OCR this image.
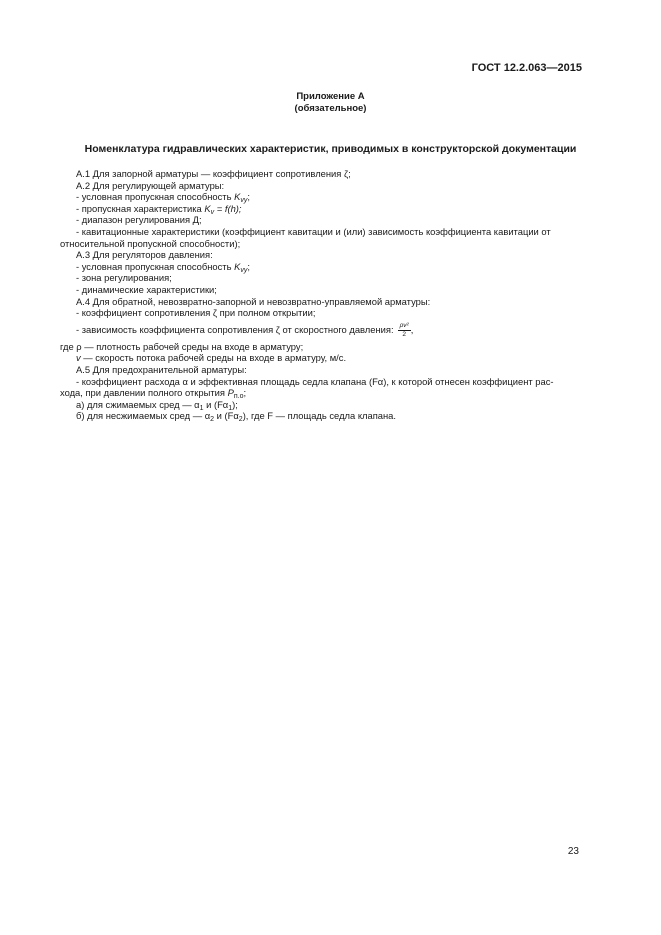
ГОСТ 12.2.063—2015
Приложение А
(обязательное)
Номенклатура гидравлических характеристик, приводимых в конструкторской документации
А.1 Для запорной арматуры — коэффициент сопротивления ζ;
А.2 Для регулирующей арматуры:
- условная пропускная способность $K_{vy}$;
- пропускная характеристика $K_v = f(h)$;
- диапазон регулирования Д;
- кавитационные характеристики (коэффициент кавитации и (или) зависимость коэффициента кавитации от
относительной пропускной способности);
А.3 Для регуляторов давления:
- условная пропускная способность $K_{vy}$;
- зона регулирования;
- динамические характеристики;
А.4 Для обратной, невозвратно-запорной и невозвратно-управляемой арматуры:
- коэффициент сопротивления ζ при полном открытии;
- зависимость коэффициента сопротивления ζ от скоростного давления: $\frac{\text{ρv²}}{2}$ ,
где ρ — плотность рабочей среды на входе в арматуру;
v — скорость потока рабочей среды на входе в арматуру, м/с.
А.5 Для предохранительной арматуры:
- коэффициент расхода α и эффективная площадь седла клапана (Fα), к которой отнесен коэффициент рас-
хода, при давлении полного открытия $P_{п.о}$;
а) для сжимаемых сред — $\alpha_1$ и $(F\alpha_1)$;
б) для несжимаемых сред — $\alpha_2$ и $(F\alpha_2)$, где F — площадь седла клапана.
23
